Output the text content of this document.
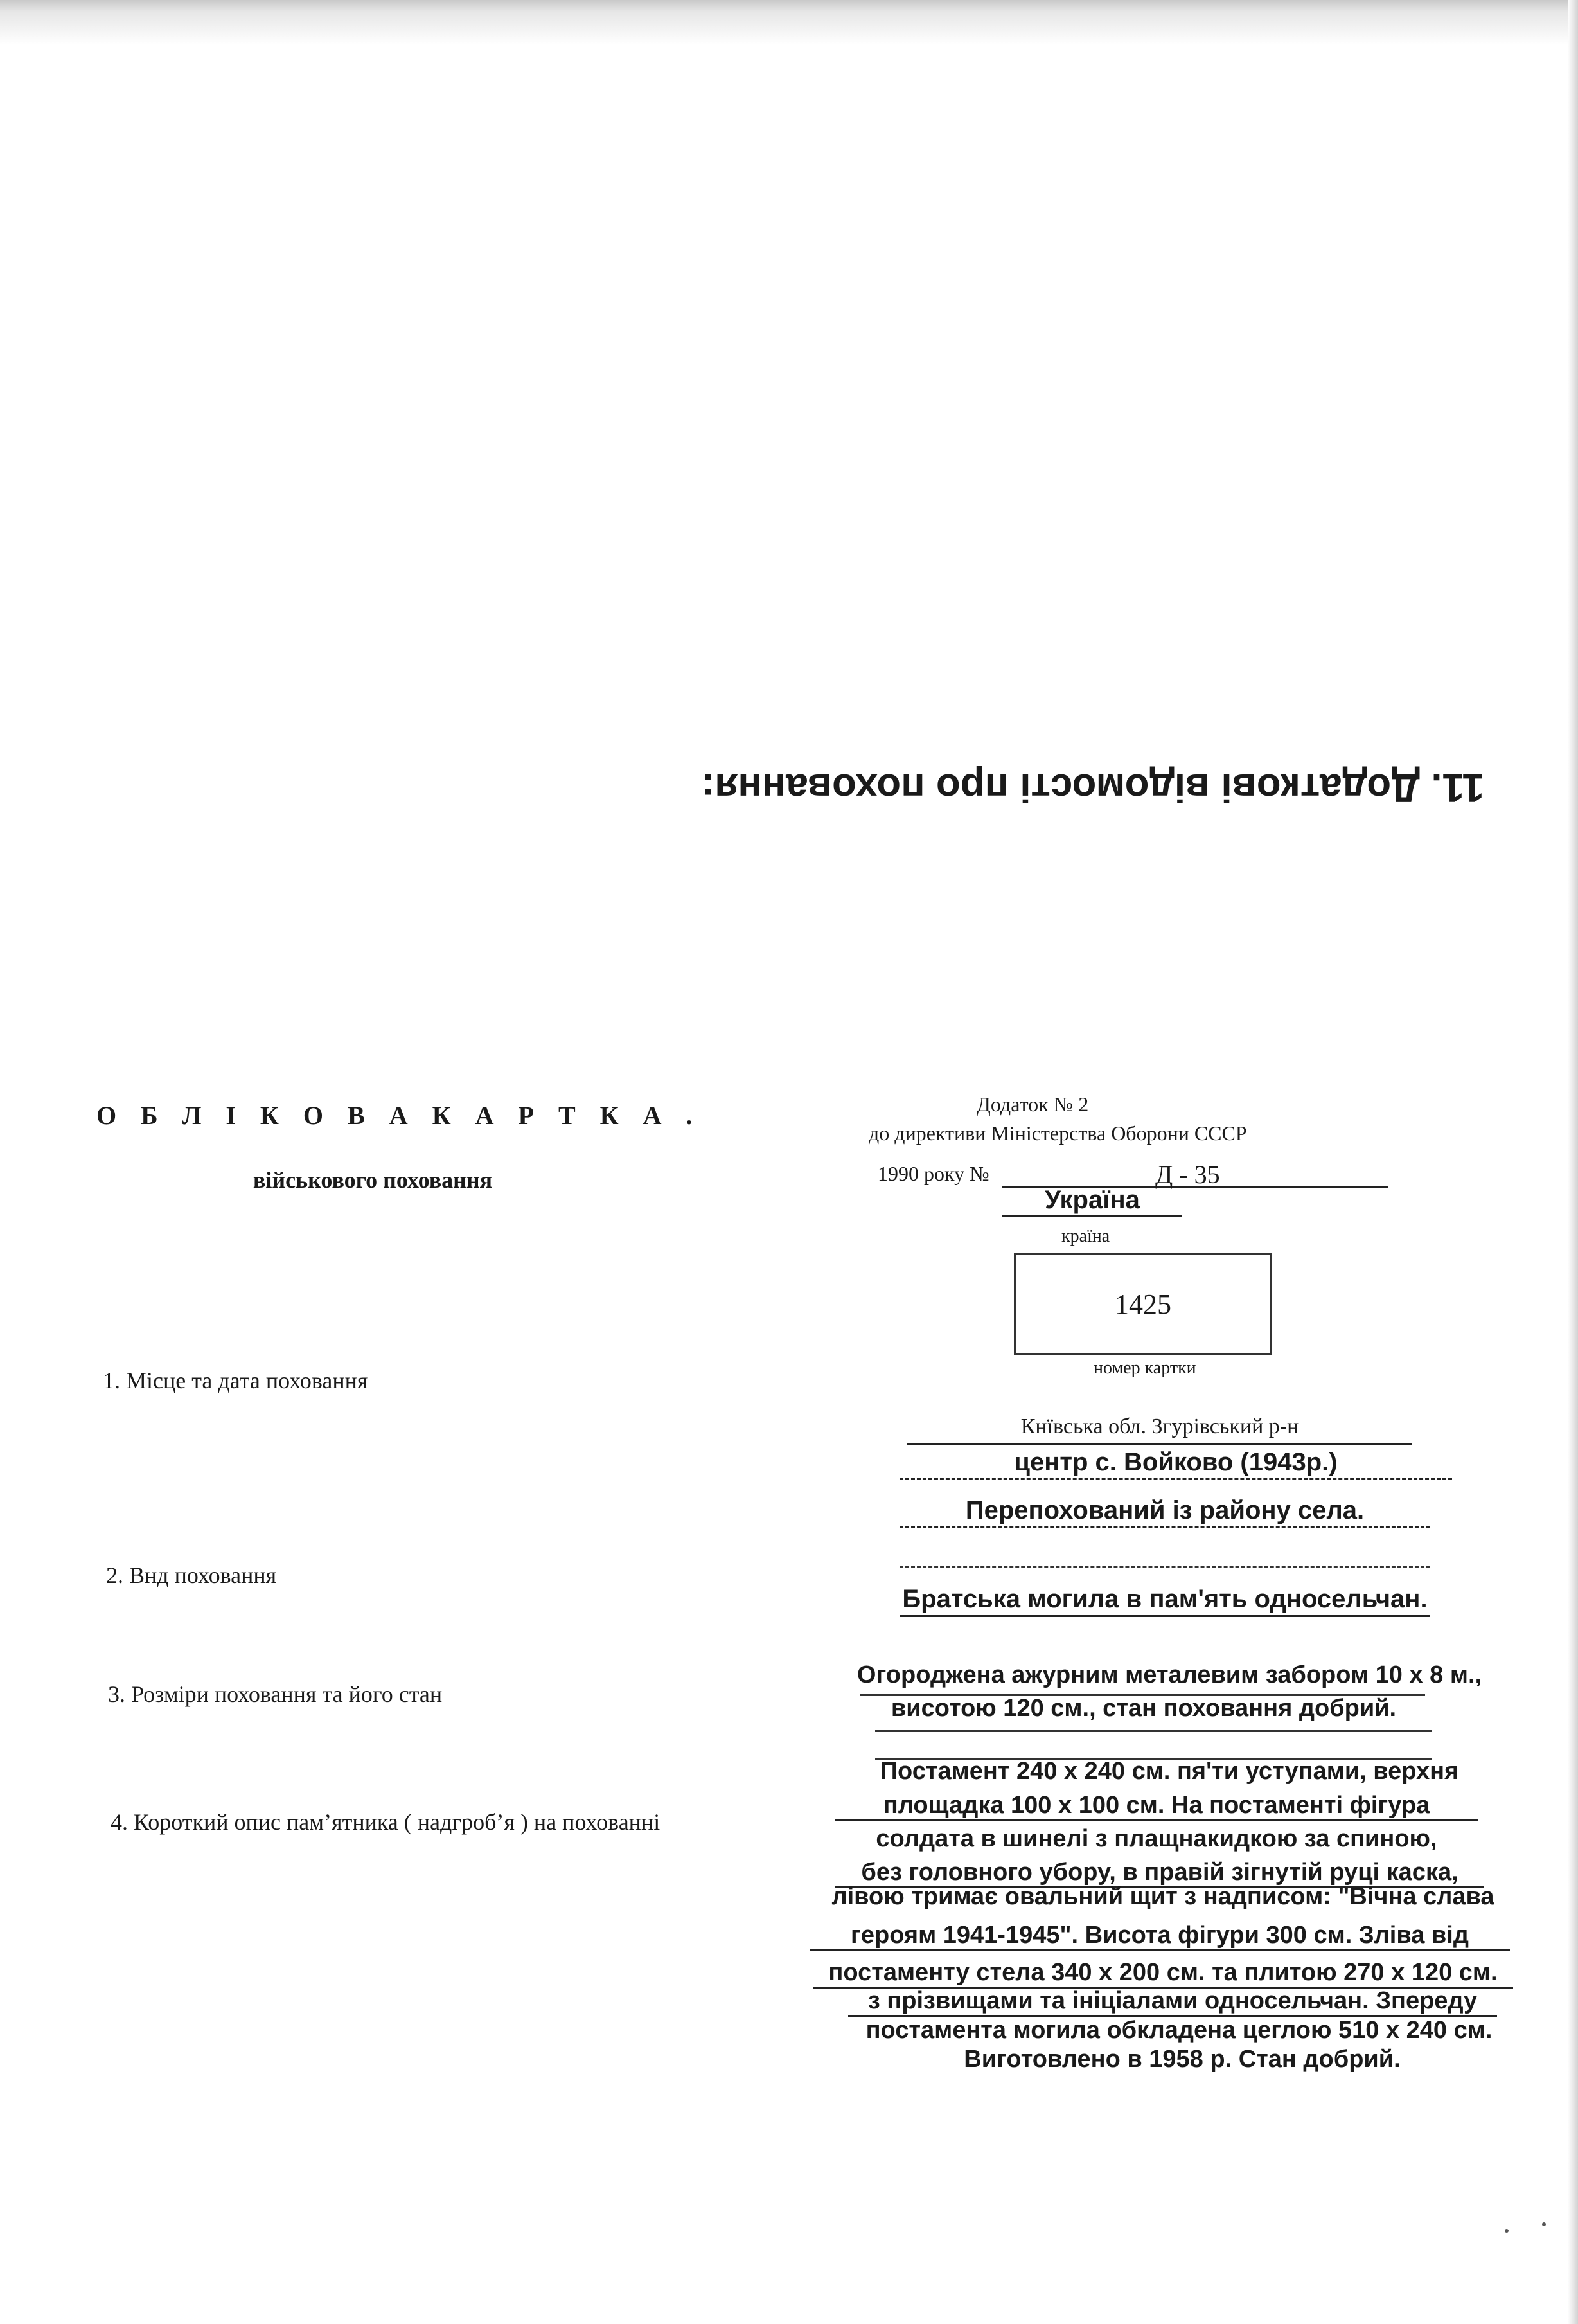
11. Додаткові відомості про поховання:
О Б Л І К О В А К А Р Т К А .
військового поховання
Додаток № 2
до директиви Міністерства Оборони СССР
1990 року №	Д - 35
Україна
країна
1425
номер картки
1. Місце та дата поховання
2. Внд поховання
3. Розміри поховання та його стан
4. Короткий опис пам’ятника ( надгроб’я ) на похованні
Кнївська обл. Згурівський р-н
центр с. Войково (1943р.)
Перепохований із району села.
Братська могила в пам'ять односельчан.
Огороджена ажурним металевим забором 10 х 8 м.,
висотою 120 см., стан поховання добрий.
Постамент 240 х 240 см. пя'ти уступами, верхня
площадка 100 х 100 см. На постаменті фігура
солдата в шинелі з плащнакидкою за спиною,
без головного убору, в правій зігнутій руці каска,
лівою тримає овальний щит з надписом: "Вічна слава
героям 1941-1945". Висота фігури 300 см. Зліва від
постаменту стела 340 х 200 см. та плитою 270 х 120 см.
з прізвищами та ініціалами односельчан. Зпереду
постамента могила обкладена цеглою 510 х 240 см.
Виготовлено в 1958 р. Стан добрий.
